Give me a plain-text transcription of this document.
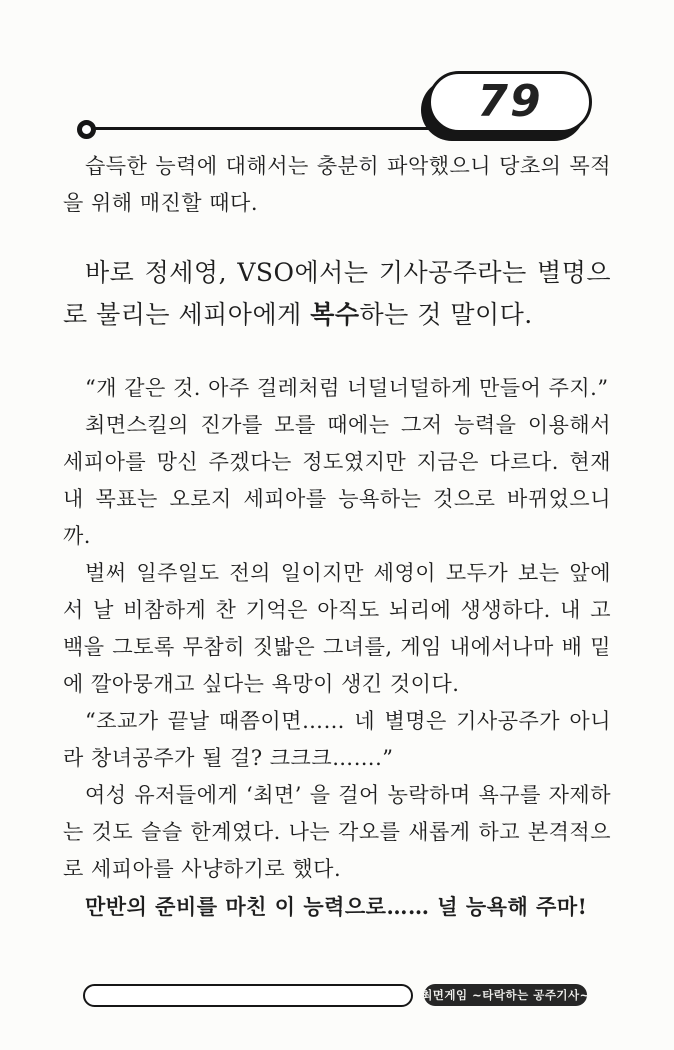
79

습득한 능력에 대해서는 충분히 파악했으니 당초의 목적을 위해 매진할 때다.

바로 정세영, VSO에서는 기사공주라는 별명으로 불리는 세피아에게 복수하는 것 말이다.

“개 같은 것. 아주 걸레처럼 너덜너덜하게 만들어 주지.”

최면스킬의 진가를 모를 때에는 그저 능력을 이용해서 세피아를 망신 주겠다는 정도였지만 지금은 다르다. 현재 내 목표는 오로지 세피아를 능욕하는 것으로 바뀌었으니까.

벌써 일주일도 전의 일이지만 세영이 모두가 보는 앞에서 날 비참하게 찬 기억은 아직도 뇌리에 생생하다. 내 고백을 그토록 무참히 짓밟은 그녀를, 게임 내에서나마 배 밑에 깔아뭉개고 싶다는 욕망이 생긴 것이다.

“조교가 끝날 때쯤이면…… 네 별명은 기사공주가 아니라 창녀공주가 될 걸? 크크크…….”

여성 유저들에게 ‘최면’ 을 걸어 농락하며 욕구를 자제하는 것도 슬슬 한계였다. 나는 각오를 새롭게 하고 본격적으로 세피아를 사냥하기로 했다.

만반의 준비를 마친 이 능력으로…… 널 능욕해 주마!

최면게임 ~타락하는 공주기사~
